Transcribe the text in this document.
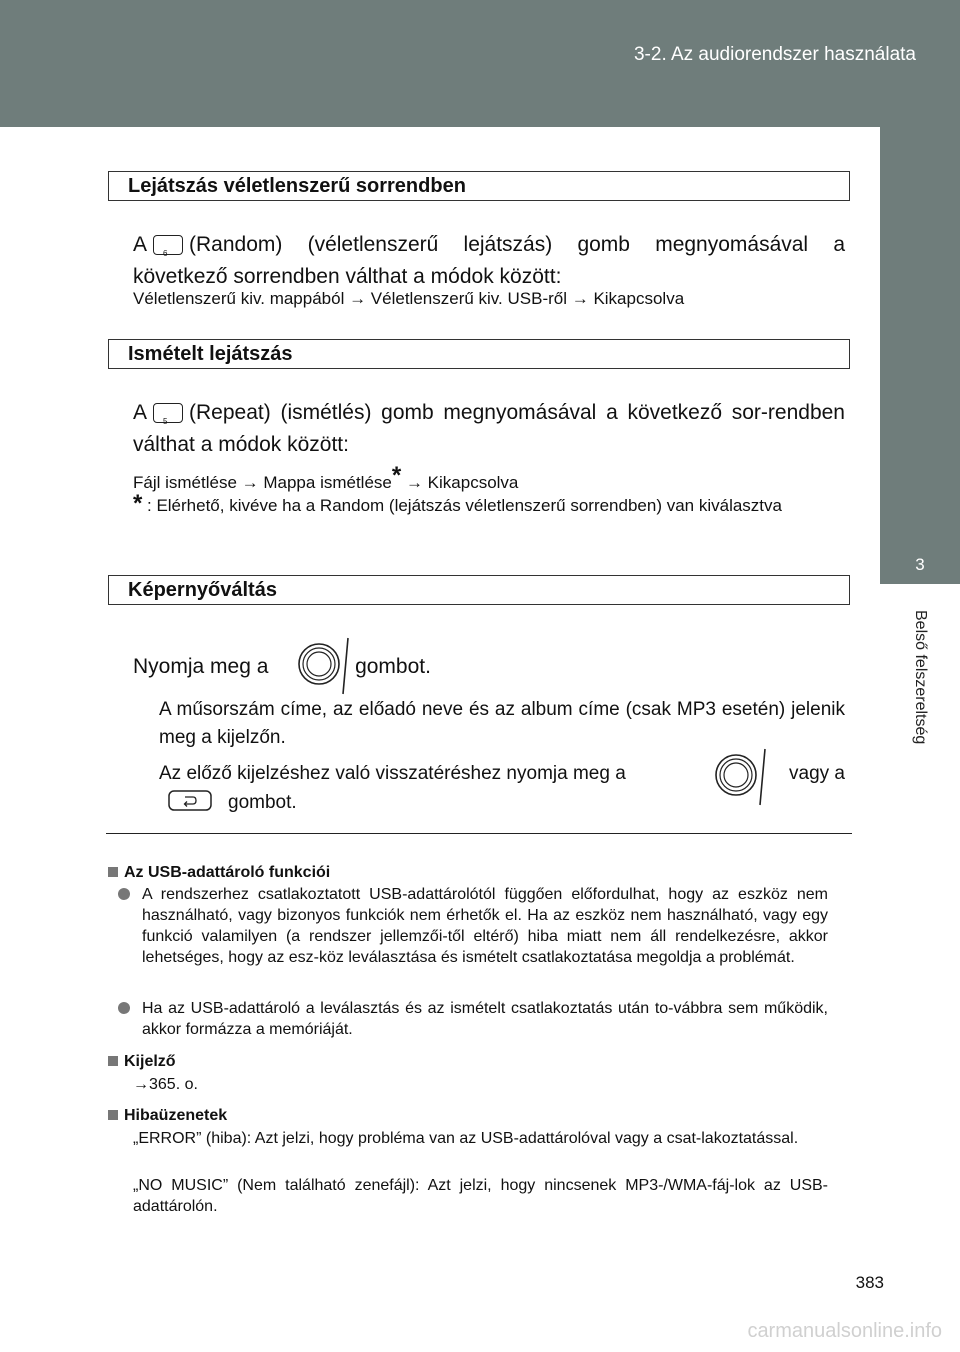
3-2. Az audiorendszer használata
3
Belső felszereltség
Lejátszás véletlenszerű sorrendben
A 6 (Random) (véletlenszerű lejátszás) gomb megnyomásával a következő sorrendben válthat a módok között:
Véletlenszerű kiv. mappából → Véletlenszerű kiv. USB-ről → Kikapcsolva
Ismételt lejátszás
A 5 (Repeat) (ismétlés) gomb megnyomásával a következő sor-rendben válthat a módok között:
Fájl ismétlése → Mappa ismétlése* → Kikapcsolva
* : Elérhető, kivéve ha a Random (lejátszás véletlenszerű sorrendben) van kiválasztva
Képernyőváltás
Nyomja meg a	gombot.
A műsorszám címe, az előadó neve és az album címe (csak MP3 esetén) jelenik meg a kijelzőn.
Az előző kijelzéshez való visszatéréshez nyomja meg a	vagy a
gombot.
Az USB-adattároló funkciói
A rendszerhez csatlakoztatott USB-adattárolótól függően előfordulhat, hogy az eszköz nem használható, vagy bizonyos funkciók nem érhetők el. Ha az eszköz nem használható, vagy egy funkció valamilyen (a rendszer jellemzői-től eltérő) hiba miatt nem áll rendelkezésre, akkor lehetséges, hogy az esz-köz leválasztása és ismételt csatlakoztatása megoldja a problémát.
Ha az USB-adattároló a leválasztás és az ismételt csatlakoztatás után to-vábbra sem működik, akkor formázza a memóriáját.
Kijelző
→365. o.
Hibaüzenetek
„ERROR” (hiba): Azt jelzi, hogy probléma van az USB-adattárolóval vagy a csat-lakoztatással.
„NO MUSIC” (Nem található zenefájl): Azt jelzi, hogy nincsenek MP3-/WMA-fáj-lok az USB-adattárolón.
383
carmanualsonline.info
